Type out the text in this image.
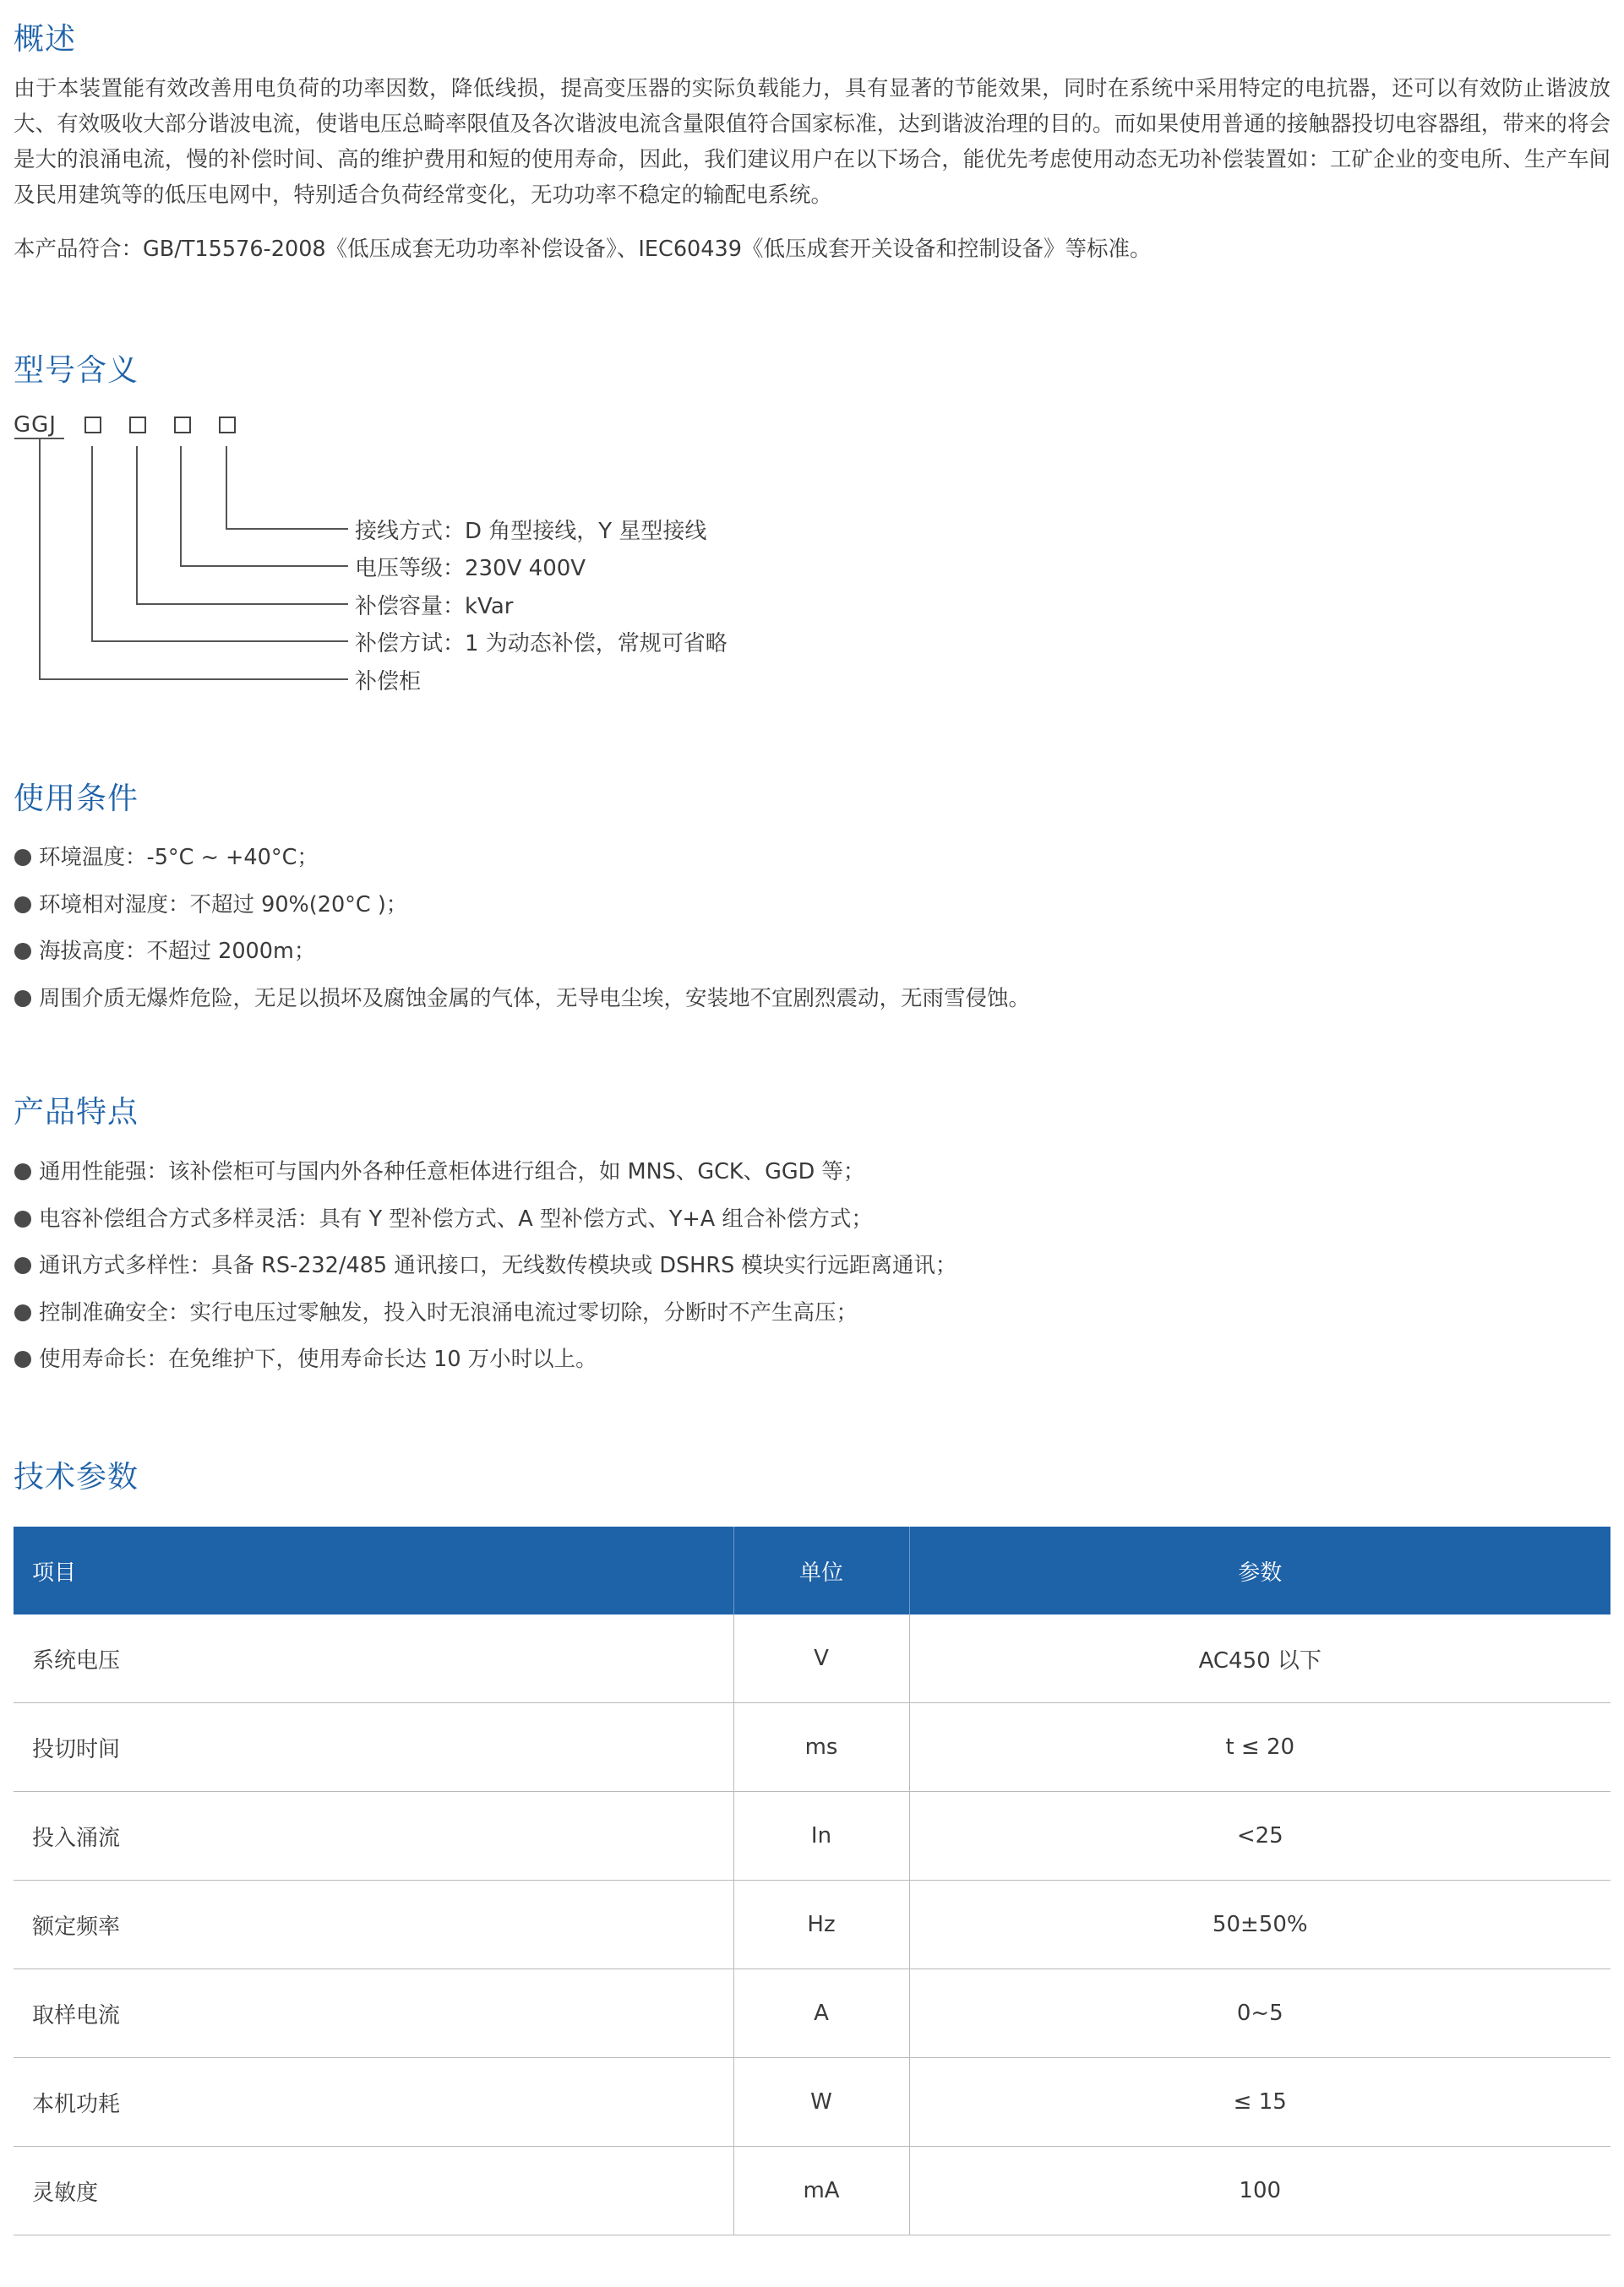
概述

由于本装置能有效改善用电负荷的功率因数，降低线损，提高变压器的实际负载能力，具有显著的节能效果，同时在系统中采用特定的电抗器，还可以有效防止谐波放大、有效吸收大部分谐波电流，使谐电压总畸率限值及各次谐波电流含量限值符合国家标准，达到谐波治理的目的。而如果使用普通的接触器投切电容器组，带来的将会是大的浪涌电流，慢的补偿时间、高的维护费用和短的使用寿命，因此，我们建议用户在以下场合，能优先考虑使用动态无功补偿装置如：工矿企业的变电所、生产车间及民用建筑等的低压电网中，特别适合负荷经常变化，无功功率不稳定的输配电系统。

本产品符合：GB/T15576-2008《低压成套无功功率补偿设备》、IEC60439《低压成套开关设备和控制设备》等标准。

型号含义
GGJ
接线方式：D 角型接线，Y 星型接线
电压等级：230V 400V
补偿容量：kVar
补偿方试：1 为动态补偿，常规可省略
补偿柜
使用条件
环境温度：-5°C ~ +40°C；
环境相对湿度：不超过 90%(20°C )；
海拔高度：不超过 2000m；
周围介质无爆炸危险，无足以损坏及腐蚀金属的气体，无导电尘埃，安装地不宜剧烈震动，无雨雪侵蚀。
产品特点
通用性能强：该补偿柜可与国内外各种任意柜体进行组合，如 MNS、GCK、GGD 等；
电容补偿组合方式多样灵活：具有 Y 型补偿方式、A 型补偿方式、Y+A 组合补偿方式；
通讯方式多样性：具备 RS-232/485 通讯接口，无线数传模块或 DSHRS 模块实行远距离通讯；
控制准确安全：实行电压过零触发，投入时无浪涌电流过零切除，分断时不产生高压；
使用寿命长：在免维护下，使用寿命长达 10 万小时以上。
技术参数
项目	单位	参数
系统电压	V	AC450 以下
投切时间	ms	t ≤ 20
投入涌流	In	<25
额定频率	Hz	50±50%
取样电流	A	0~5
本机功耗	W	≤ 15
灵敏度	mA	100
